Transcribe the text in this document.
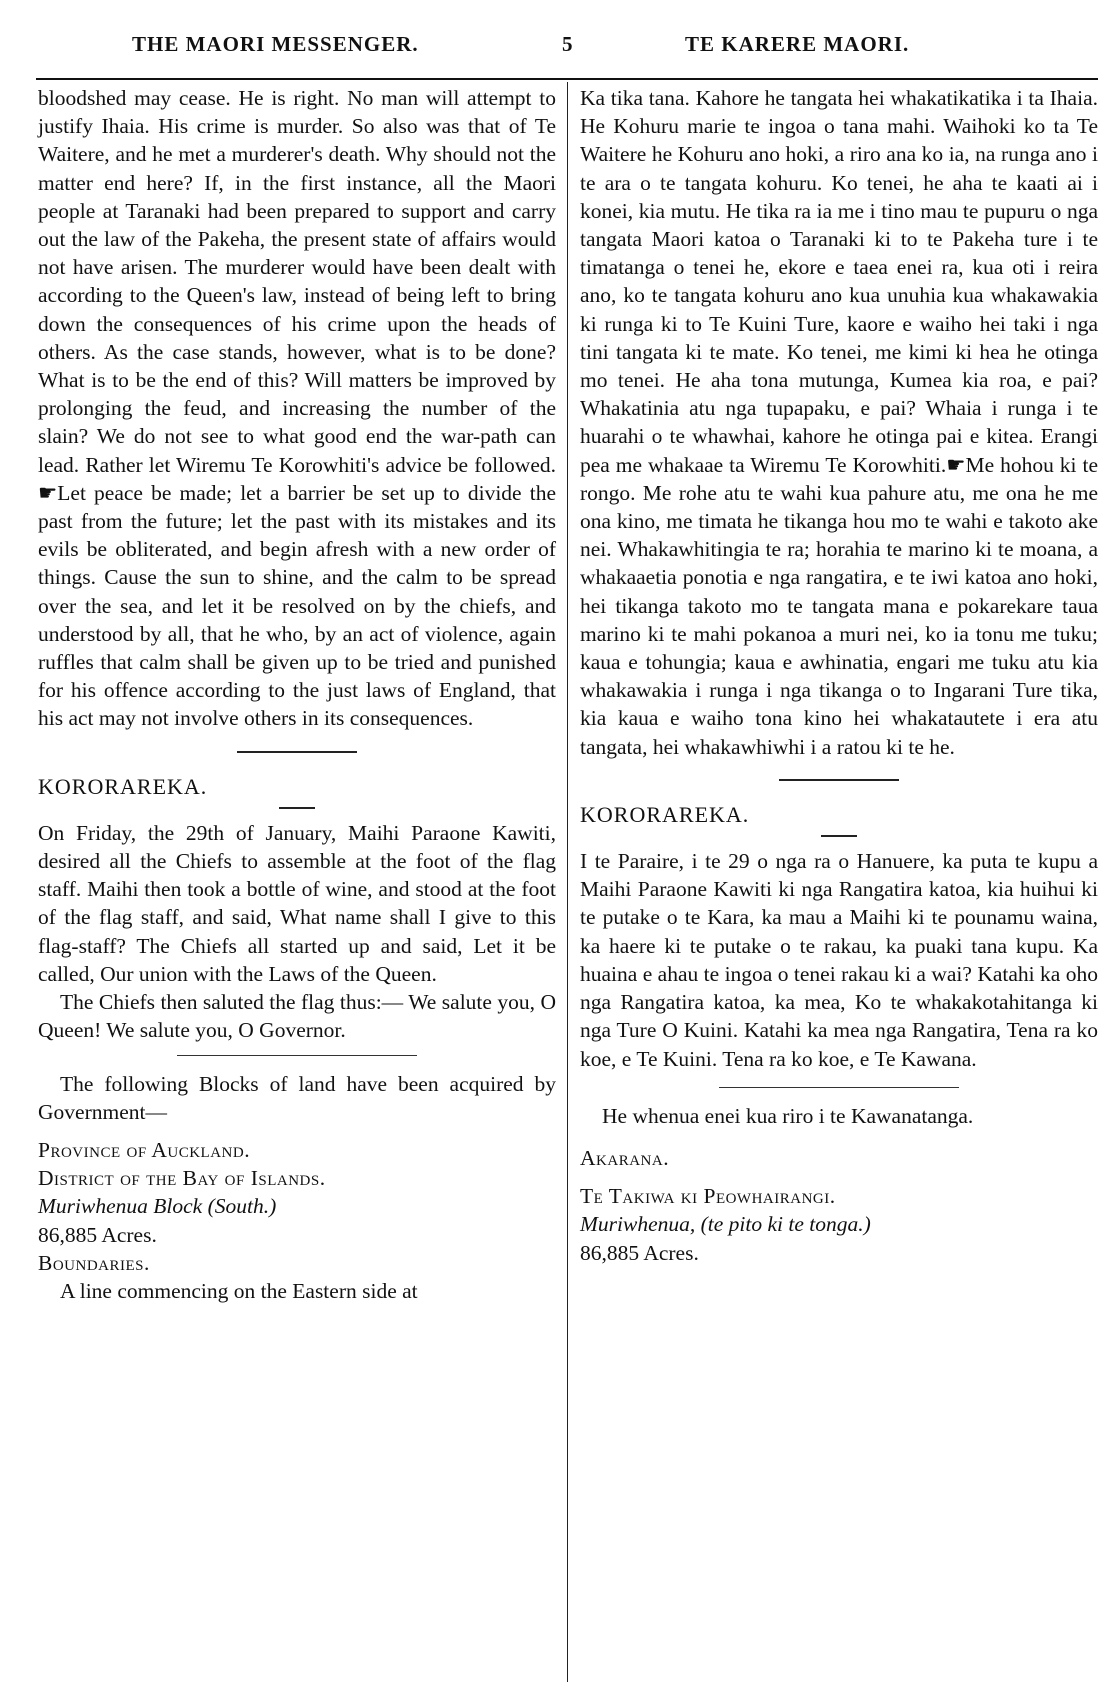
THE MAORI MESSENGER.	5	TE KARERE MAORI.

bloodshed may cease. He is right. No man will attempt to justify Ihaia. His crime is murder. So also was that of Te Waitere, and he met a murderer's death. Why should not the matter end here? If, in the first instance, all the Maori people at Taranaki had been prepared to support and carry out the law of the Pakeha, the present state of affairs would not have arisen. The murderer would have been dealt with according to the Queen's law, instead of being left to bring down the consequences of his crime upon the heads of others. As the case stands, however, what is to be done? What is to be the end of this? Will matters be improved by prolonging the feud, and increasing the number of the slain? We do not see to what good end the war-path can lead. Rather let Wiremu Te Korowhiti's advice be followed. ☛Let peace be made; let a barrier be set up to divide the past from the future; let the past with its mistakes and its evils be obliterated, and begin afresh with a new order of things. Cause the sun to shine, and the calm to be spread over the sea, and let it be resolved on by the chiefs, and understood by all, that he who, by an act of violence, again ruffles that calm shall be given up to be tried and punished for his offence according to the just laws of England, that his act may not involve others in its consequences.

KORORAREKA.

On Friday, the 29th of January, Maihi Paraone Kawiti, desired all the Chiefs to assemble at the foot of the flag staff. Maihi then took a bottle of wine, and stood at the foot of the flag staff, and said, What name shall I give to this flag-staff? The Chiefs all started up and said, Let it be called, Our union with the Laws of the Queen.

The Chiefs then saluted the flag thus:— We salute you, O Queen! We salute you, O Governor.

The following Blocks of land have been acquired by Government—

Province of Auckland.

District of the Bay of Islands.

Muriwhenua Block (South.)

86,885 Acres.

Boundaries.

A line commencing on the Eastern side at

Ka tika tana. Kahore he tangata hei whakatikatika i ta Ihaia. He Kohuru marie te ingoa o tana mahi. Waihoki ko ta Te Waitere he Kohuru ano hoki, a riro ana ko ia, na runga ano i te ara o te tangata kohuru. Ko tenei, he aha te kaati ai i konei, kia mutu. He tika ra ia me i tino mau te pupuru o nga tangata Maori katoa o Taranaki ki to te Pakeha ture i te timatanga o tenei he, ekore e taea enei ra, kua oti i reira ano, ko te tangata kohuru ano kua unuhia kua whakawakia ki runga ki to Te Kuini Ture, kaore e waiho hei taki i nga tini tangata ki te mate. Ko tenei, me kimi ki hea he otinga mo tenei. He aha tona mutunga, Kumea kia roa, e pai? Whakatinia atu nga tupapaku, e pai? Whaia i runga i te huarahi o te whawhai, kahore he otinga pai e kitea. Erangi pea me whakaae ta Wiremu Te Korowhiti.☛Me hohou ki te rongo. Me rohe atu te wahi kua pahure atu, me ona he me ona kino, me timata he tikanga hou mo te wahi e takoto ake nei. Whakawhitingia te ra; horahia te marino ki te moana, a whakaaetia ponotia e nga rangatira, e te iwi katoa ano hoki, hei tikanga takoto mo te tangata mana e pokarekare taua marino ki te mahi pokanoa a muri nei, ko ia tonu me tuku; kaua e tohungia; kaua e awhinatia, engari me tuku atu kia whakawakia i runga i nga tikanga o to Ingarani Ture tika, kia kaua e waiho tona kino hei whakatautete i era atu tangata, hei whakawhiwhi i a ratou ki te he.

KORORAREKA.

I te Paraire, i te 29 o nga ra o Hanuere, ka puta te kupu a Maihi Paraone Kawiti ki nga Rangatira katoa, kia huihui ki te putake o te Kara, ka mau a Maihi ki te pounamu waina, ka haere ki te putake o te rakau, ka puaki tana kupu. Ka huaina e ahau te ingoa o tenei rakau ki a wai? Katahi ka oho nga Rangatira katoa, ka mea, Ko te whakakotahitanga ki nga Ture O Kuini. Katahi ka mea nga Rangatira, Tena ra ko koe, e Te Kuini. Tena ra ko koe, e Te Kawana.

He whenua enei kua riro i te Kawanatanga.

Akarana.

Te Takiwa ki Peowhairangi.

Muriwhenua, (te pito ki te tonga.)

86,885 Acres.
